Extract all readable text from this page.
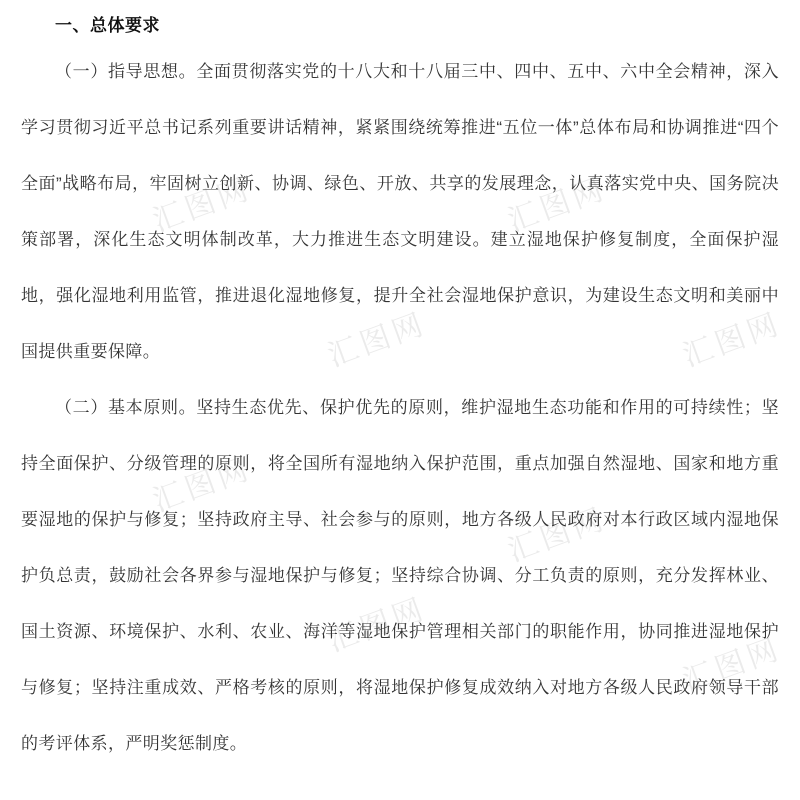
汇图网	汇图网
汇图网	汇图网
汇图网
汇图网
汇图网
汇图网
一、总体要求

（一）指导思想。全面贯彻落实党的十八大和十八届三中、四中、五中、六中全会精神，深入学习贯彻习近平总书记系列重要讲话精神，紧紧围绕统筹推进“五位一体”总体布局和协调推进“四个全面”战略布局，牢固树立创新、协调、绿色、开放、共享的发展理念，认真落实党中央、国务院决策部署，深化生态文明体制改革，大力推进生态文明建设。建立湿地保护修复制度，全面保护湿地，强化湿地利用监管，推进退化湿地修复，提升全社会湿地保护意识，为建设生态文明和美丽中国提供重要保障。

（二）基本原则。坚持生态优先、保护优先的原则，维护湿地生态功能和作用的可持续性；坚持全面保护、分级管理的原则，将全国所有湿地纳入保护范围，重点加强自然湿地、国家和地方重要湿地的保护与修复；坚持政府主导、社会参与的原则，地方各级人民政府对本行政区域内湿地保护负总责，鼓励社会各界参与湿地保护与修复；坚持综合协调、分工负责的原则，充分发挥林业、国土资源、环境保护、水利、农业、海洋等湿地保护管理相关部门的职能作用，协同推进湿地保护与修复；坚持注重成效、严格考核的原则，将湿地保护修复成效纳入对地方各级人民政府领导干部的考评体系，严明奖惩制度。
